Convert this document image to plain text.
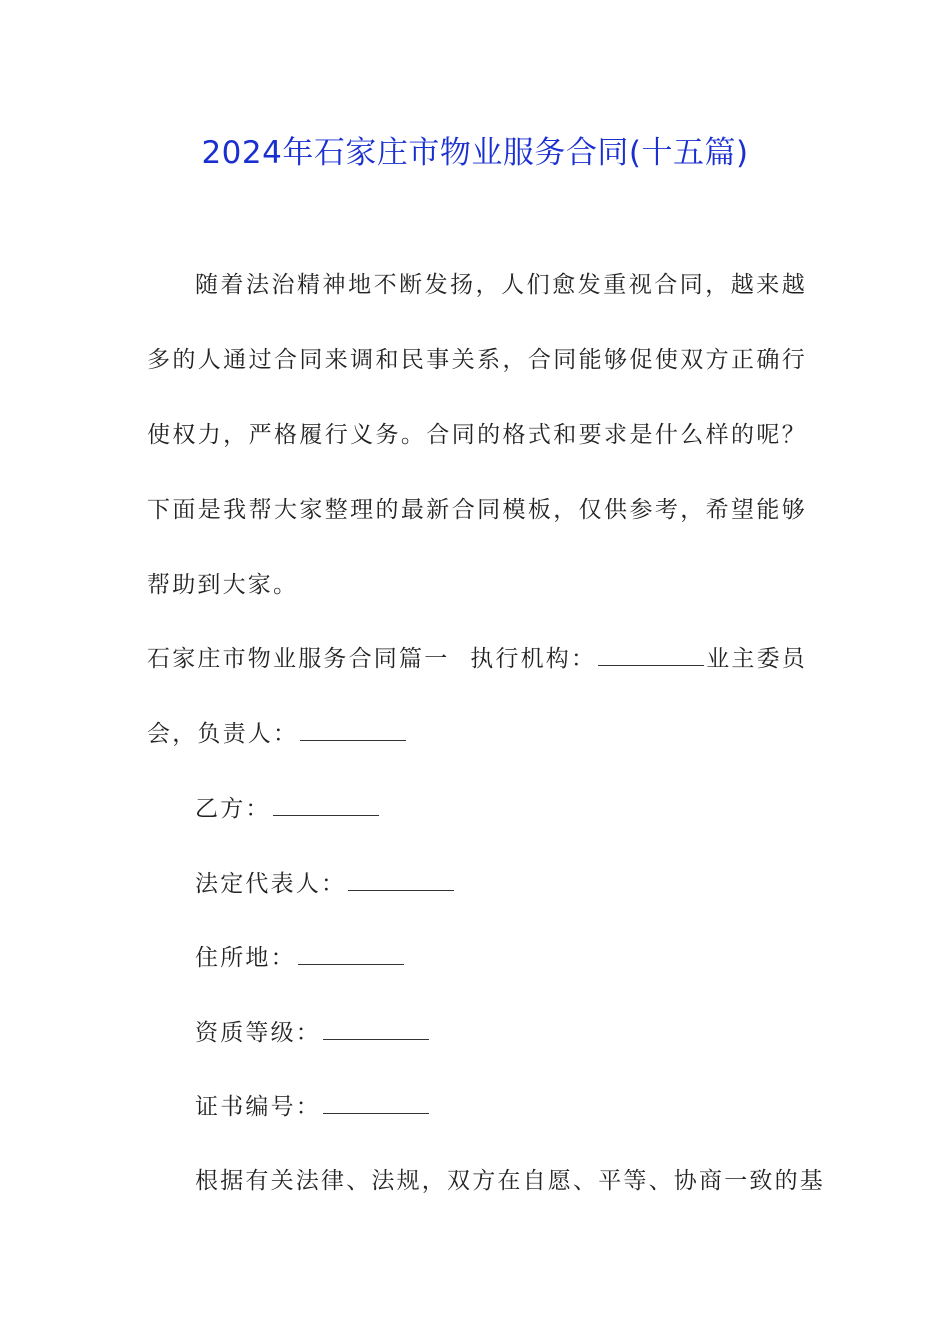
2024年石家庄市物业服务合同(十五篇)
随着法治精神地不断发扬，人们愈发重视合同，越来越多的人通过合同来调和民事关系，合同能够促使双方正确行使权力，严格履行义务。合同的格式和要求是什么样的呢？下面是我帮大家整理的最新合同模板，仅供参考，希望能够帮助到大家。
石家庄市物业服务合同篇一 执行机构：	业主委员
会，负责人：
乙方：
法定代表人：
住所地：
资质等级：
证书编号：
根据有关法律、法规，双方在自愿、平等、协商一致的基
